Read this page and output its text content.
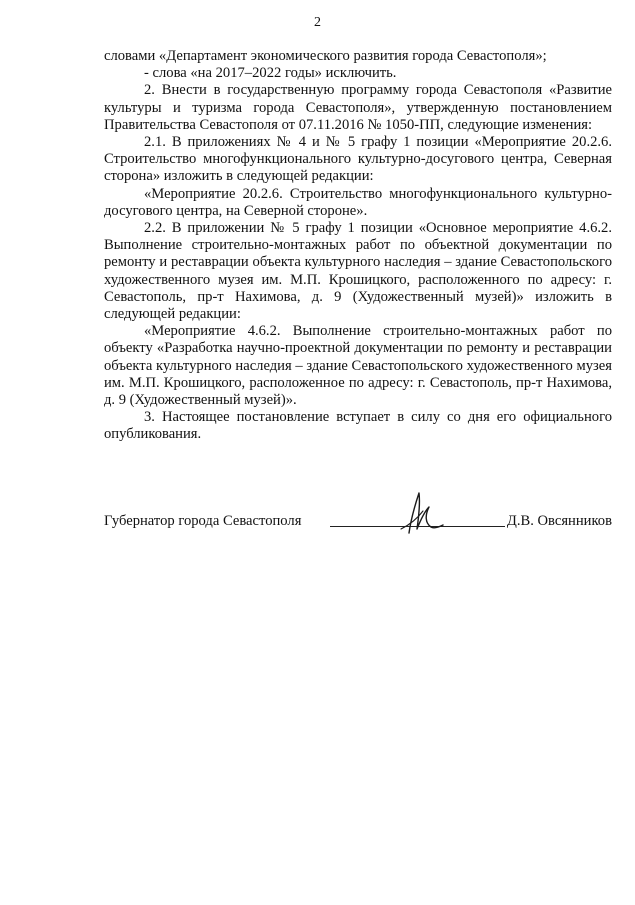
2

словами «Департамент экономического развития города Севастополя»;

- слова «на 2017–2022 годы» исключить.

2. Внести в государственную программу города Севастополя «Развитие культуры и туризма города Севастополя», утвержденную постановлением Правительства Севастополя от 07.11.2016 № 1050-ПП, следующие изменения:

2.1. В приложениях № 4 и № 5 графу 1 позиции «Мероприятие 20.2.6. Строительство многофункционального культурно-досугового центра, Северная сторона» изложить в следующей редакции:

«Мероприятие 20.2.6. Строительство многофункционального культурно-досугового центра, на Северной стороне».

2.2. В приложении № 5 графу 1 позиции «Основное мероприятие 4.6.2. Выполнение строительно-монтажных работ по объектной документации по ремонту и реставрации объекта культурного наследия – здание Севастопольского художественного музея им. М.П. Крошицкого, расположенного по адресу: г. Севастополь, пр-т Нахимова, д. 9 (Художественный музей)» изложить в следующей редакции:

«Мероприятие 4.6.2. Выполнение строительно-монтажных работ по объекту «Разработка научно-проектной документации по ремонту и реставрации объекта культурного наследия – здание Севастопольского художественного музея им. М.П. Крошицкого, расположенное по адресу: г. Севастополь, пр-т Нахимова, д. 9 (Художественный музей)».

3. Настоящее постановление вступает в силу со дня его официального опубликования.

Губернатор города Севастополя	Д.В. Овсянников
